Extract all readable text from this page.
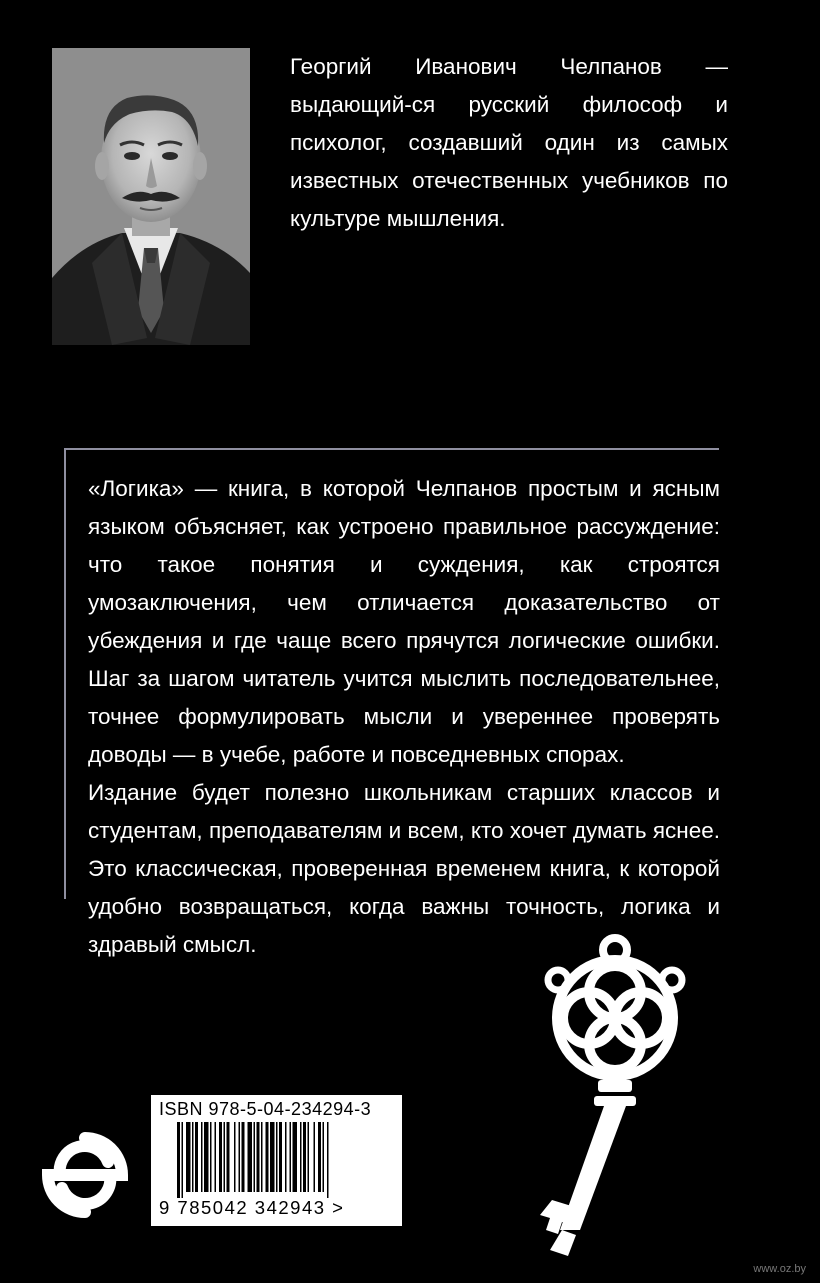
Георгий Иванович Челпанов — выдающий-ся русский философ и психолог, создавший один из самых известных отечественных учебников по культуре мышления.

«Логика» — книга, в которой Челпанов простым и ясным языком объясняет, как устроено правильное рассуждение: что такое понятия и суждения, как строятся умозаключения, чем отличается доказательство от убеждения и где чаще всего прячутся логические ошибки. Шаг за шагом читатель учится мыслить последовательнее, точнее формулировать мысли и увереннее проверять доводы — в учебе, работе и повседневных спорах.

Издание будет полезно школьникам старших классов и студентам, преподавателям и всем, кто хочет думать яснее. Это классическая, проверенная временем книга, к которой удобно возвращаться, когда важны точность, логика и здравый смысл.

ISBN 978-5-04-234294-3
9 785042 342943 >
www.oz.by
